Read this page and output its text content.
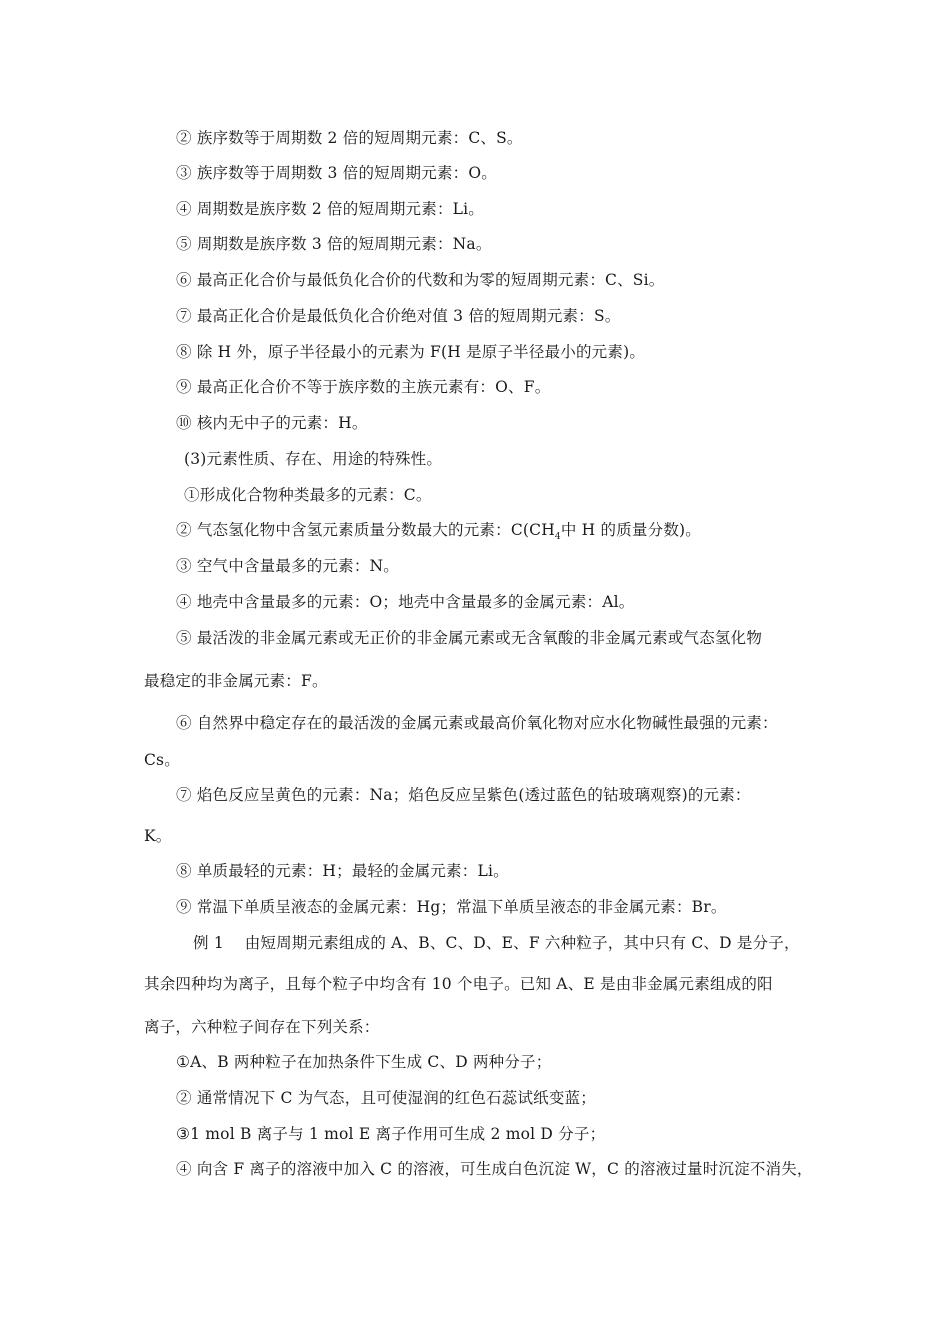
② 族序数等于周期数 2 倍的短周期元素：C、S。
③ 族序数等于周期数 3 倍的短周期元素：O。
④ 周期数是族序数 2 倍的短周期元素：Li。
⑤ 周期数是族序数 3 倍的短周期元素：Na。
⑥ 最高正化合价与最低负化合价的代数和为零的短周期元素：C、Si。
⑦ 最高正化合价是最低负化合价绝对值 3 倍的短周期元素：S。
⑧ 除 H 外，原子半径最小的元素为 F(H 是原子半径最小的元素)。
⑨ 最高正化合价不等于族序数的主族元素有：O、F。
⑩ 核内无中子的元素：H。
(3)元素性质、存在、用途的特殊性。
①形成化合物种类最多的元素：C。
② 气态氢化物中含氢元素质量分数最大的元素：$C(CH_4$中 H 的质量分数)。
③ 空气中含量最多的元素：N。
④ 地壳中含量最多的元素：O；地壳中含量最多的金属元素：Al。
⑤ 最活泼的非金属元素或无正价的非金属元素或无含氧酸的非金属元素或气态氢化物
最稳定的非金属元素：F。
⑥ 自然界中稳定存在的最活泼的金属元素或最高价氧化物对应水化物碱性最强的元素：
Cs。
⑦ 焰色反应呈黄色的元素：Na；焰色反应呈紫色(透过蓝色的钴玻璃观察)的元素：
K。
⑧ 单质最轻的元素：H；最轻的金属元素：Li。
⑨ 常温下单质呈液态的金属元素：Hg；常温下单质呈液态的非金属元素：Br。
例 1　 由短周期元素组成的 A、B、C、D、E、F 六种粒子，其中只有 C、D 是分子，
其余四种均为离子，且每个粒子中均含有 10 个电子。已知 A、E 是由非金属元素组成的阳
离子，六种粒子间存在下列关系：
①A、B 两种粒子在加热条件下生成 C、D 两种分子；
② 通常情况下 C 为气态，且可使湿润的红色石蕊试纸变蓝；
③1 mol B 离子与 1 mol E 离子作用可生成 2 mol D 分子；
④ 向含 F 离子的溶液中加入 C 的溶液，可生成白色沉淀 W，C 的溶液过量时沉淀不消失，
